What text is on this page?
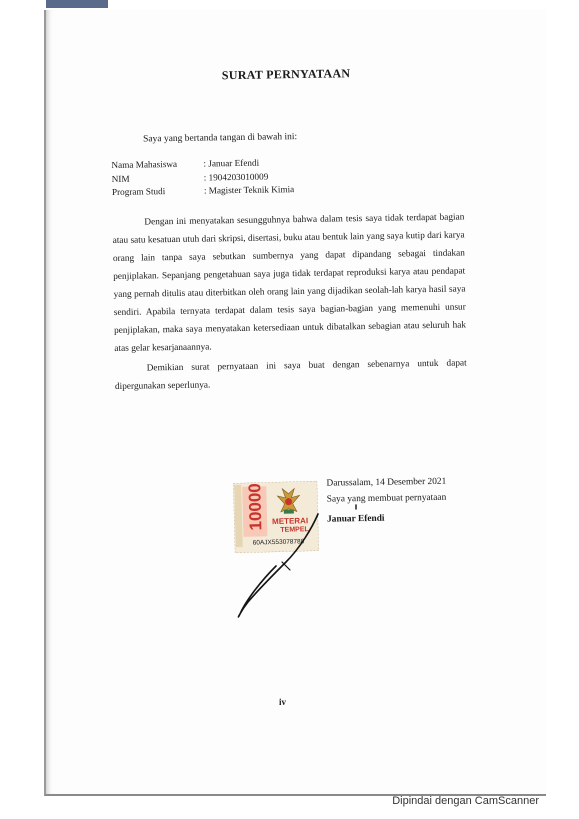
SURAT PERNYATAAN
Saya yang bertanda tangan di bawah ini:
Nama Mahasiswa	: Januar Efendi
NIM	: 1904203010009
Program Studi	: Magister Teknik Kimia

Dengan ini menyatakan sesungguhnya bahwa dalam tesis saya tidak terdapat bagian atau satu kesatuan utuh dari skripsi, disertasi, buku atau bentuk lain yang saya kutip dari karya orang lain tanpa saya sebutkan sumbernya yang dapat dipandang sebagai tindakan penjiplakan. Sepanjang pengetahuan saya juga tidak terdapat reproduksi karya atau pendapat yang pernah ditulis atau diterbitkan oleh orang lain yang dijadikan seolah-lah karya hasil saya sendiri. Apabila ternyata terdapat dalam tesis saya bagian-bagian yang memenuhi unsur penjiplakan, maka saya menyatakan ketersediaan untuk dibatalkan sebagian atau seluruh hak atas gelar kesarjanaannya.

Demikian surat pernyataan ini saya buat dengan sebenarnya untuk dapat dipergunakan seperlunya.

Darussalam, 14 Desember 2021
Saya yang membuat pernyataan
Januar Efendi
10000 METERAI
TEMPEL
60AJX553078788
iv
Dipindai dengan CamScanner
